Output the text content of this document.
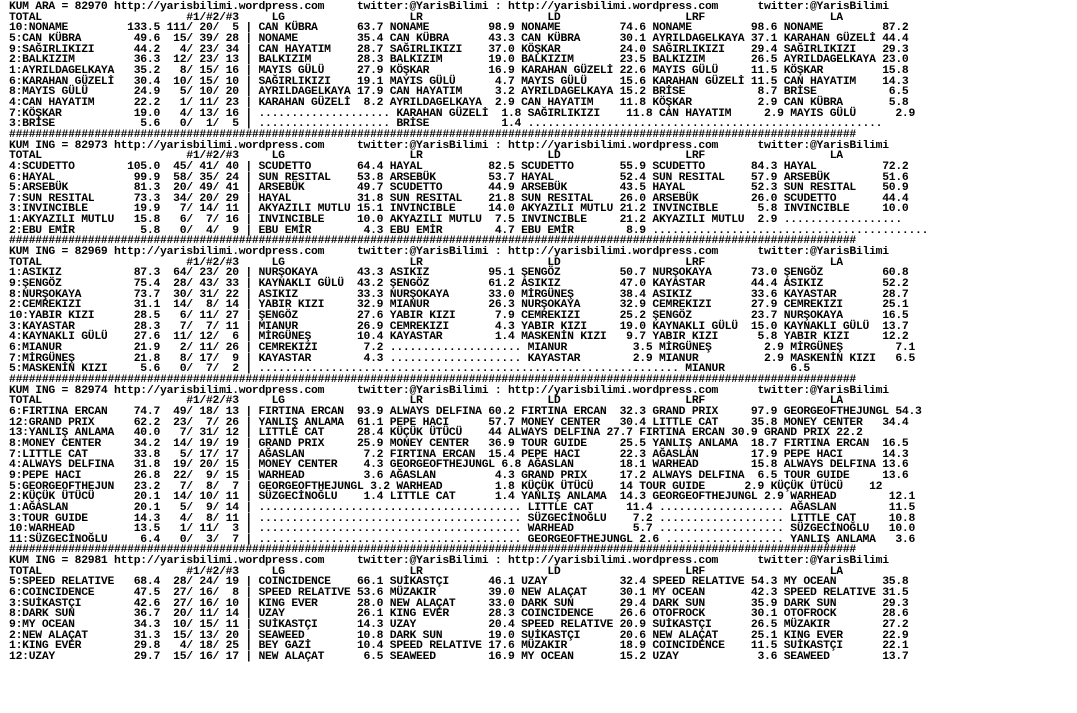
KUM ARA = 82970 http://yarisbilimi.wordpress.com     twitter:@YarisBilimi : http://yarisbilimi.wordpress.com      twitter:@YarisBilimi
TOTAL                      #1/#2/#3     LG                   LR                   LD                   LRF                   LA
10:NONAME         133.5 111/ 20/  5 | CAN KÜBRA      63.7 NONAME         98.9 NONAME         74.6 NONAME         98.6 NONAME         87.2
5:CAN KÜBRA        49.6  15/ 39/ 28 | NONAME         35.4 CAN KÜBRA      43.3 CAN KÜBRA      30.1 AYRILDAGELKAYA 37.1 KARAHAN GÜZELİ 44.4
9:SAĞIRLIKIZI      44.2   4/ 23/ 34 | CAN HAYATIM    28.7 SAĞIRLIKIZI    37.0 KÖŞKAR         24.0 SAĞIRLIKIZI    29.4 SAĞIRLIKIZI    29.3
2:BALKIZIM         36.3  12/ 23/ 13 | BALKIZIM       28.3 BALKIZIM       19.0 BALKIZIM       23.5 BALKIZIM       26.5 AYRILDAGELKAYA 23.0
1:AYRILDAGELKAYA   35.2   8/ 15/ 16 | MAYIS GÜLÜ     27.9 KÖŞKAR         16.9 KARAHAN GÜZELİ 22.6 MAYIS GÜLÜ     11.5 KÖŞKAR         15.8
6:KARAHAN GÜZELİ   30.4  10/ 15/ 10 | SAĞIRLIKIZI    19.1 MAYIS GÜLÜ      4.7 MAYIS GÜLÜ     15.6 KARAHAN GÜZELİ 11.5 CAN HAYATIM    14.3
8:MAYIS GÜLÜ       24.9   5/ 10/ 20 | AYRILDAGELKAYA 17.9 CAN HAYATIM     3.2 AYRILDAGELKAYA 15.2 BRİSE           8.7 BRİSE           6.5
4:CAN HAYATIM      22.2   1/ 11/ 23 | KARAHAN GÜZELİ  8.2 AYRILDAGELKAYA  2.9 CAN HAYATIM    11.8 KÖŞKAR          2.9 CAN KÜBRA       5.8
7:KÖŞKAR           19.0   4/ 13/ 16 | .................... KARAHAN GÜZELİ  1.8 SAĞIRLIKIZI    11.8 CAN HAYATIM     2.9 MAYIS GÜLÜ      2.9
3:BRİSE             5.6   0/  1/  5 | .................... BRİSE           1.4 ......................................................
#################################################################################################################################
KUM ING = 82973 http://yarisbilimi.wordpress.com     twitter:@YarisBilimi : http://yarisbilimi.wordpress.com      twitter:@YarisBilimi
TOTAL                      #1/#2/#3     LG                   LR                   LD                   LRF                   LA
4:SCUDETTO        105.0  45/ 41/ 40 | SCUDETTO       64.4 HAYAL          82.5 SCUDETTO       55.9 SCUDETTO       84.3 HAYAL          72.2
6:HAYAL            99.9  58/ 35/ 24 | SUN RESITAL    53.8 ARSEBÜK        53.7 HAYAL          52.4 SUN RESITAL    57.9 ARSEBÜK        51.6
5:ARSEBÜK          81.3  20/ 49/ 41 | ARSEBÜK        49.7 SCUDETTO       44.9 ARSEBÜK        43.5 HAYAL          52.3 SUN RESITAL    50.9
7:SUN RESITAL      73.3  34/ 20/ 29 | HAYAL          31.8 SUN RESITAL    21.8 SUN RESITAL    26.0 ARSEBÜK        26.0 SCUDETTO       44.4
3:INVINCIBLE       19.9   7/ 14/ 11 | AKYAZILI MUTLU 15.1 INVINCIBLE     14.0 AKYAZILI MUTLU 21.2 INVINCIBLE      5.8 INVINCIBLE     10.0
1:AKYAZILI MUTLU   15.8   6/  7/ 16 | INVINCIBLE     10.0 AKYAZILI MUTLU  7.5 INVINCIBLE     21.2 AKYAZILI MUTLU  2.9 ..................
2:EBU EMİR          5.8   0/  4/  9 | EBU EMİR        4.3 EBU EMİR        4.7 EBU EMİR        8.9 ..........................................
#################################################################################################################################
KUM ING = 82969 http://yarisbilimi.wordpress.com     twitter:@YarisBilimi : http://yarisbilimi.wordpress.com      twitter:@YarisBilimi
TOTAL                      #1/#2/#3     LG                   LR                   LD                   LRF                   LA
1:ASIKIZ           87.3  64/ 23/ 20 | NURŞOKAYA      43.3 ASIKIZ         95.1 ŞENGÖZ         50.7 NURŞOKAYA      73.0 ŞENGÖZ         60.8
9:ŞENGÖZ           75.4  28/ 43/ 33 | KAYNAKLI GÜLÜ  43.2 ŞENGÖZ         61.2 ASIKIZ         47.0 KAYASTAR       44.4 ASIKIZ         52.2
8:NURŞOKAYA        73.7  30/ 31/ 22 | ASIKIZ         33.3 NURŞOKAYA      33.0 MİRGÜNEŞ       38.4 ASIKIZ         33.6 KAYASTAR       28.7
2:CEMREKIZI        31.1  14/  8/ 14 | YABIR KIZI     32.9 MIANUR         26.3 NURŞOKAYA      32.9 CEMREKIZI      27.9 CEMREKIZI      25.1
10:YABIR KIZI      28.5   6/ 11/ 27 | ŞENGÖZ         27.6 YABIR KIZI      7.9 CEMREKIZI      25.2 ŞENGÖZ         23.7 NURŞOKAYA      16.5
3:KAYASTAR         28.3   7/  7/ 11 | MIANUR         26.9 CEMREKIZI       4.3 YABIR KIZI     19.0 KAYNAKLI GÜLÜ  15.0 KAYNAKLI GÜLÜ  13.7
4:KAYNAKLI GÜLÜ    27.6  11/ 12/  6 | MİRGÜNEŞ       10.4 KAYASTAR        1.4 MASKENİN KIZI   9.7 YABIR KIZI      5.8 YABIR KIZI     12.2
6:MIANUR           21.9   2/ 11/ 26 | CEMREKIZI       7.2 .................... MIANUR          3.5 MİRGÜNEŞ        2.9 MİRGÜNEŞ        7.1
7:MİRGÜNEŞ         21.8   8/ 17/  9 | KAYASTAR        4.3 .................... KAYASTAR        2.9 MIANUR          2.9 MASKENİN KIZI   6.5
5:MASKENİN KIZI     5.6   0/  7/  2 | ................................................................ MIANUR          6.5
#################################################################################################################################
KUM ING = 82974 http://yarisbilimi.wordpress.com     twitter:@YarisBilimi : http://yarisbilimi.wordpress.com      twitter:@YarisBilimi
TOTAL                      #1/#2/#3     LG                   LR                   LD                   LRF                   LA
6:FIRTINA ERCAN    74.7  49/ 18/ 13 | FIRTINA ERCAN  93.9 ALWAYS DELFINA 60.2 FIRTINA ERCAN  32.3 GRAND PRIX     97.9 GEORGEOFTHEJUNGL 54.3
12:GRAND PRIX      62.2  23/  7/ 26 | YANLIŞ ANLAMA  61.1 PEPE HACI      57.7 MONEY CENTER   30.4 LITTLE CAT     35.8 MONEY CENTER   34.4
13:YANLIŞ ANLAMA   40.0   7/ 31/ 12 | LITTLE CAT     28.4 KÜÇÜK ÜTÜCÜ    44 ALWAYS DELFINA 27.7 FIRTINA ERCAN 30.9 GRAND PRIX 22.2
8:MONEY CENTER     34.2  14/ 19/ 19 | GRAND PRIX     25.9 MONEY CENTER   36.9 TOUR GUIDE     25.5 YANLIŞ ANLAMA  18.7 FIRTINA ERCAN  16.5
7:LITTLE CAT       33.8   5/ 17/ 17 | AĞASLAN         7.2 FIRTINA ERCAN  15.4 PEPE HACI      22.3 AĞASLAN        17.9 PEPE HACI      14.3
4:ALWAYS DELFINA   31.8  19/ 20/ 15 | MONEY CENTER    4.3 GEORGEOFTHEJUNGL 6.8 AĞASLAN       18.1 WARHEAD        15.8 ALWAYS DELFINA 13.6
9:PEPE HACI        26.8  22/  9/ 15 | WARHEAD         3.6 AĞASLAN         4.3 GRAND PRIX     17.2 ALWAYS DELFINA  6.5 TOUR GUIDE     13.6
5:GEORGEOFTHEJUN   23.2   7/  8/  7 | GEORGEOFTHEJUNGL 3.2 WARHEAD        1.8 KÜÇÜK ÜTÜCÜ    14 TOUR GUIDE      2.9 KÜÇÜK ÜTÜCÜ    12
2:KÜÇÜK ÜTÜCÜ      20.1  14/ 10/ 11 | SÜZGECİNOĞLU    1.4 LITTLE CAT      1.4 YANLIŞ ANLAMA  14.3 GEORGEOFTHEJUNGL 2.9 WARHEAD        12.1
1:AĞASLAN          20.1   5/  9/ 14 | ........................................ LITTLE CAT     11.4 ................... AĞASLAN        11.5
3:TOUR GUIDE       14.3   4/  8/ 11 | ........................................ SÜZGECİNOĞLU    7.2 ................... LITTLE CAT     10.8
10:WARHEAD         13.5   1/ 11/  3 | ........................................ WARHEAD         5.7 ................... SÜZGECİNOĞLU   10.0
11:SÜZGECİNOĞLU     6.4   0/  3/  7 | ........................................ GEORGEOFTHEJUNGL 2.6 .................. YANLIŞ ANLAMA   3.6
#################################################################################################################################
KUM ING = 82981 http://yarisbilimi.wordpress.com     twitter:@YarisBilimi : http://yarisbilimi.wordpress.com      twitter:@YarisBilimi
TOTAL                      #1/#2/#3     LG                   LR                   LD                   LRF                   LA
5:SPEED RELATIVE   68.4  28/ 24/ 19 | COINCIDENCE    66.1 SUİKASTÇI      46.1 UZAY           32.4 SPEED RELATIVE 54.3 MY OCEAN       35.8
6:COINCIDENCE      47.5  27/ 16/  8 | SPEED RELATIVE 53.6 MÜZAKIR        39.0 NEW ALAÇAT     30.1 MY OCEAN       42.3 SPEED RELATIVE 31.5
3:SUİKASTÇI        42.6  27/ 16/ 10 | KING EVER      28.0 NEW ALAÇAT     33.0 DARK SUN       29.4 DARK SUN       35.9 DARK SUN       29.3
8:DARK SUN         36.7  20/ 11/ 14 | UZAY           26.1 KING EVER      28.3 COINCIDENCE    26.6 OTOFROCK       30.1 OTOFROCK       28.6
9:MY OCEAN         34.3  10/ 15/ 11 | SUİKASTÇI      14.3 UZAY           20.4 SPEED RELATIVE 20.9 SUİKASTÇI      26.5 MÜZAKIR        27.2
2:NEW ALAÇAT       31.3  15/ 13/ 20 | SEAWEED        10.8 DARK SUN       19.0 SUİKASTÇI      20.6 NEW ALAÇAT     25.1 KING EVER      22.9
1:KING EVER        29.8   4/ 18/ 25 | BEY GAZİ       10.4 SPEED RELATIVE 17.6 MÜZAKIR        18.9 COINCIDENCE    11.5 SUİKASTÇI      22.1
12:UZAY            29.7  15/ 16/ 17 | NEW ALAÇAT      6.5 SEAWEED        16.9 MY OCEAN       15.2 UZAY            3.6 SEAWEED        13.7
